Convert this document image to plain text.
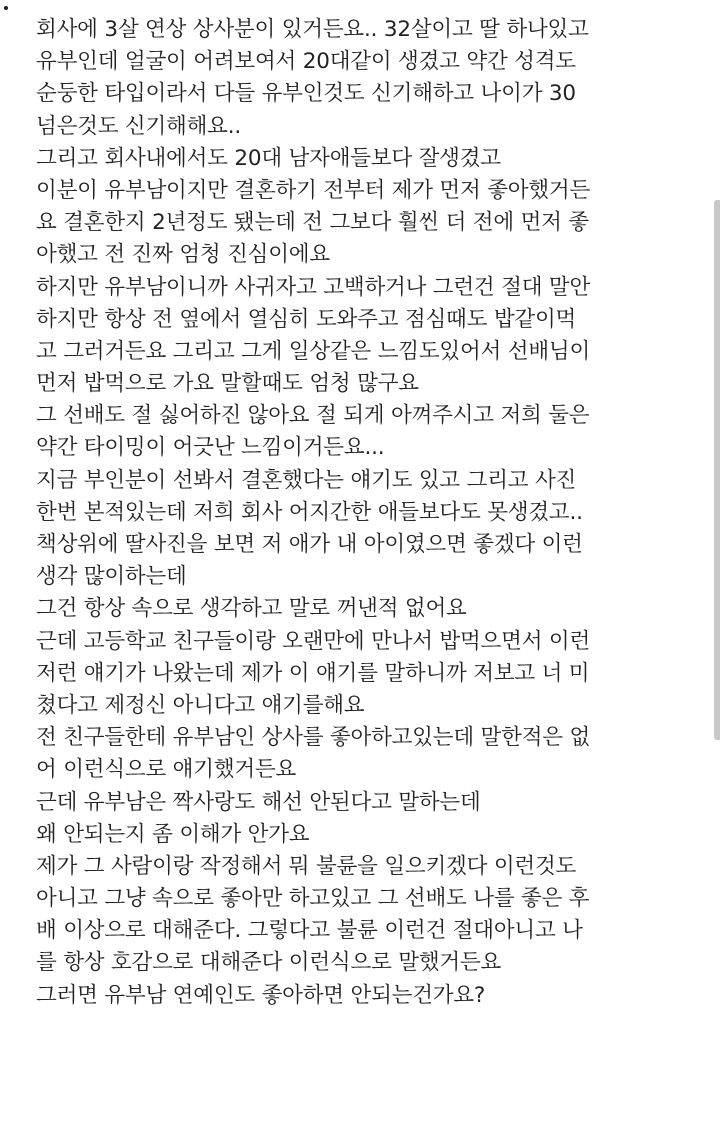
회사에 3살 연상 상사분이 있거든요.. 32살이고 딸 하나있고
유부인데 얼굴이 어려보여서 20대같이 생겼고 약간 성격도
순둥한 타입이라서 다들 유부인것도 신기해하고 나이가 30
넘은것도 신기해해요..
그리고 회사내에서도 20대 남자애들보다 잘생겼고
이분이 유부남이지만 결혼하기 전부터 제가 먼저 좋아했거든
요 결혼한지 2년정도 됐는데 전 그보다 훨씬 더 전에 먼저 좋
아했고 전 진짜 엄청 진심이에요
하지만 유부남이니까 사귀자고 고백하거나 그런건 절대 말안
하지만 항상 전 옆에서 열심히 도와주고 점심때도 밥같이먹
고 그러거든요 그리고 그게 일상같은 느낌도있어서 선배님이
먼저 밥먹으로 가요 말할때도 엄청 많구요
그 선배도 절 싫어하진 않아요 절 되게 아껴주시고 저희 둘은
약간 타이밍이 어긋난 느낌이거든요...
지금 부인분이 선봐서 결혼했다는 얘기도 있고 그리고 사진
한번 본적있는데 저희 회사 어지간한 애들보다도 못생겼고..
책상위에 딸사진을 보면 저 애가 내 아이였으면 좋겠다 이런
생각 많이하는데
그건 항상 속으로 생각하고 말로 꺼낸적 없어요
근데 고등학교 친구들이랑 오랜만에 만나서 밥먹으면서 이런
저런 얘기가 나왔는데 제가 이 얘기를 말하니까 저보고 너 미
쳤다고 제정신 아니다고 얘기를해요
전 친구들한테 유부남인 상사를 좋아하고있는데 말한적은 없
어 이런식으로 얘기했거든요
근데 유부남은 짝사랑도 해선 안된다고 말하는데
왜 안되는지 좀 이해가 안가요
제가 그 사람이랑 작정해서 뭐 불륜을 일으키겠다 이런것도
아니고 그냥 속으로 좋아만 하고있고 그 선배도 나를 좋은 후
배 이상으로 대해준다. 그렇다고 불륜 이런건 절대아니고 나
를 항상 호감으로 대해준다 이런식으로 말했거든요
그러면 유부남 연예인도 좋아하면 안되는건가요?
